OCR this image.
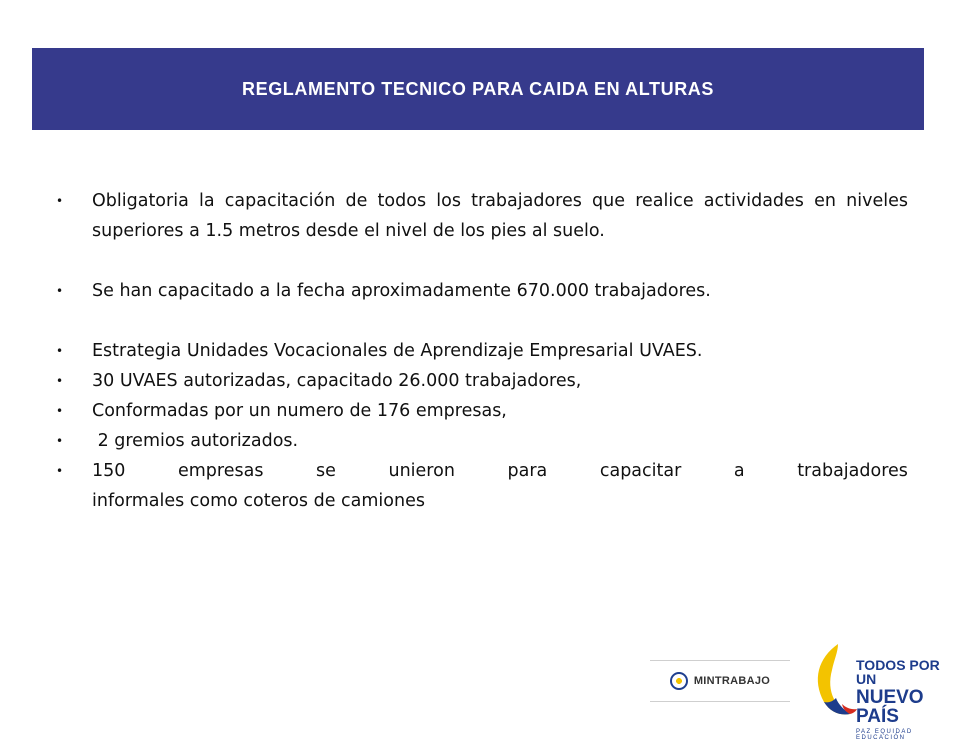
REGLAMENTO TECNICO PARA CAIDA EN ALTURAS
•	Obligatoria la capacitación de todos los trabajadores que realice actividades en niveles superiores a 1.5 metros desde el nivel de los pies al suelo.
•	Se han capacitado a la fecha aproximadamente 670.000 trabajadores.
•	Estrategia Unidades Vocacionales de Aprendizaje Empresarial UVAES.
•	30 UVAES autorizadas, capacitado 26.000 trabajadores,
•	Conformadas por un numero de 176 empresas,
•	2 gremios autorizados.
•	150	empresas	se	unieron	para	capacitar	a	trabajadores
informales como coteros de camiones
MINTRABAJO
TODOS POR UN
NUEVO PAÍS
PAZ EQUIDAD EDUCACIÓN
